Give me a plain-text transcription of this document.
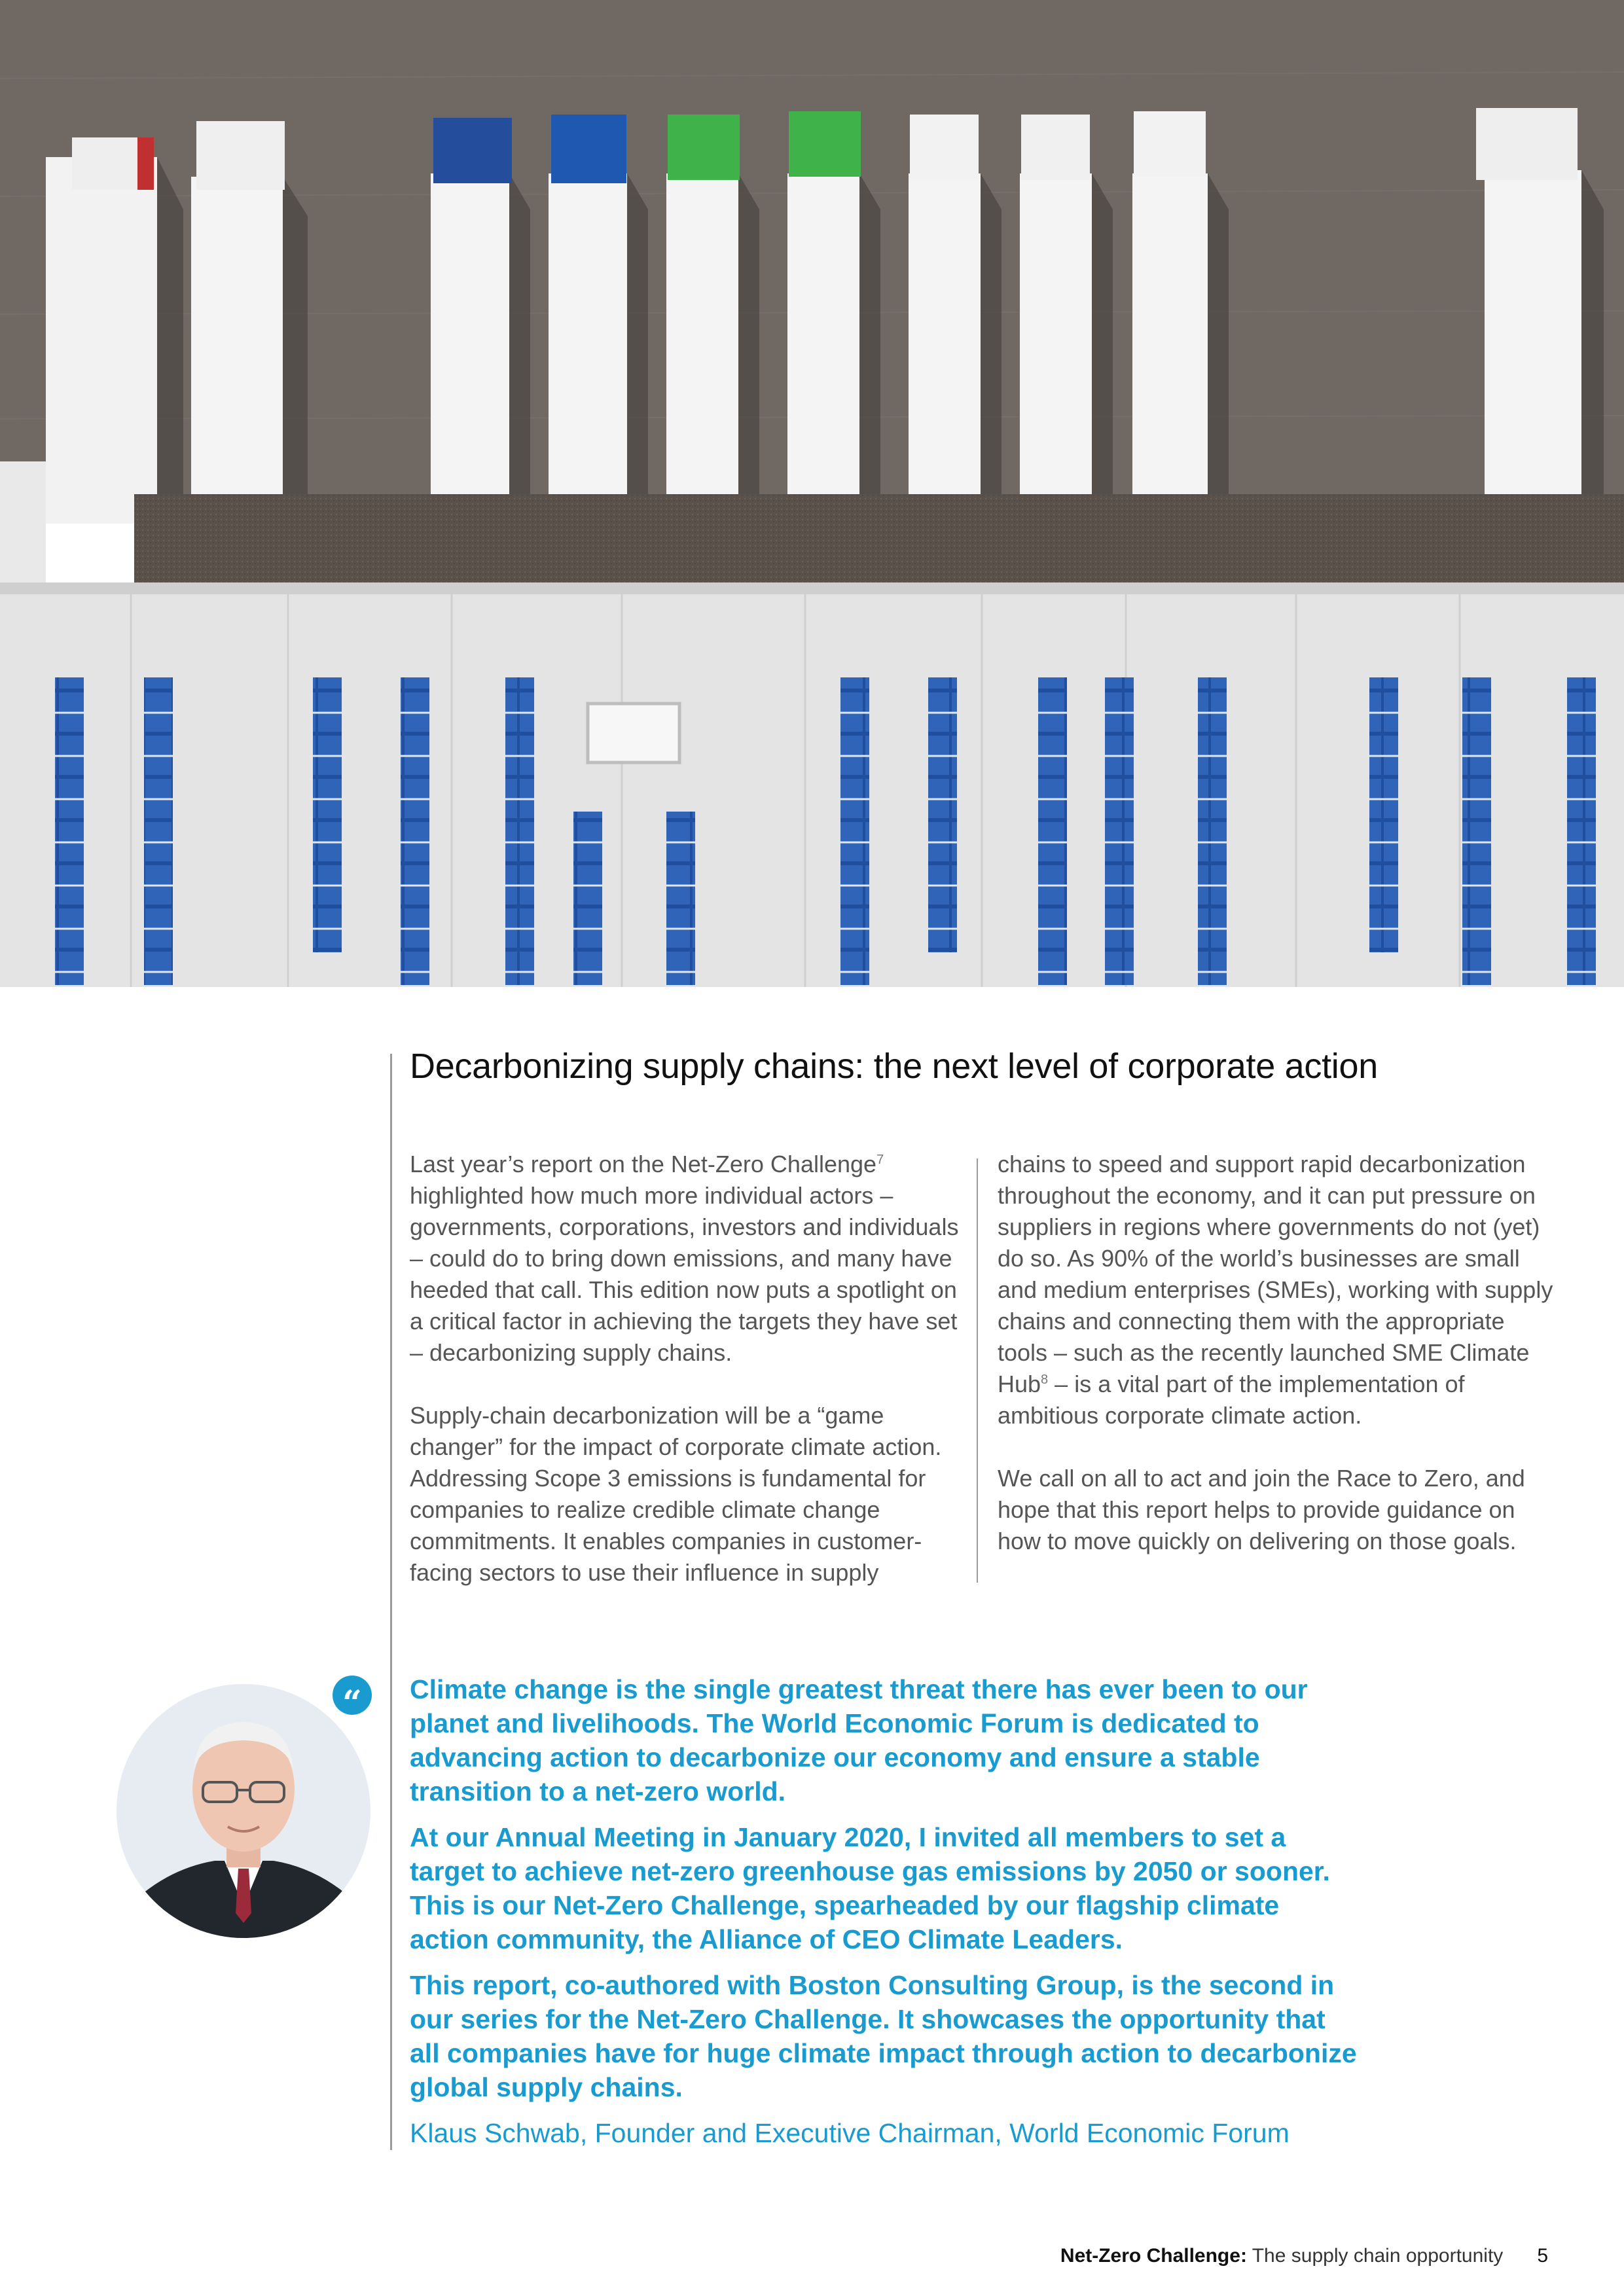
Decarbonizing supply chains: the next level of corporate action

Last year’s report on the Net-Zero Challenge$^7$ highlighted how much more individual actors – governments, corporations, investors and individuals – could do to bring down emissions, and many have heeded that call. This edition now puts a spotlight on a critical factor in achieving the targets they have set – decarbonizing supply chains.

Supply-chain decarbonization will be a “game changer” for the impact of corporate climate action. Addressing Scope 3 emissions is fundamental for companies to realize credible climate change commitments. It enables companies in customer-facing sectors to use their influence in supply

chains to speed and support rapid decarbonization throughout the economy, and it can put pressure on suppliers in regions where governments do not (yet) do so. As 90% of the world’s businesses are small and medium enterprises (SMEs), working with supply chains and connecting them with the appropriate tools – such as the recently launched SME Climate Hub$^8$ – is a vital part of the implementation of ambitious corporate climate action.

We call on all to act and join the Race to Zero, and hope that this report helps to provide guidance on how to move quickly on delivering on those goals.

“	Climate change is the single greatest threat there has ever been to our planet and livelihoods. The World Economic Forum is dedicated to advancing action to decarbonize our economy and ensure a stable transition to a net-zero world.

At our Annual Meeting in January 2020, I invited all members to set a target to achieve net-zero greenhouse gas emissions by 2050 or sooner. This is our Net-Zero Challenge, spearheaded by our flagship climate action community, the Alliance of CEO Climate Leaders.

This report, co-authored with Boston Consulting Group, is the second in our series for the Net-Zero Challenge. It showcases the opportunity that all companies have for huge climate impact through action to decarbonize global supply chains.

Klaus Schwab, Founder and Executive Chairman, World Economic Forum
Net-Zero Challenge: The supply chain opportunity 5
